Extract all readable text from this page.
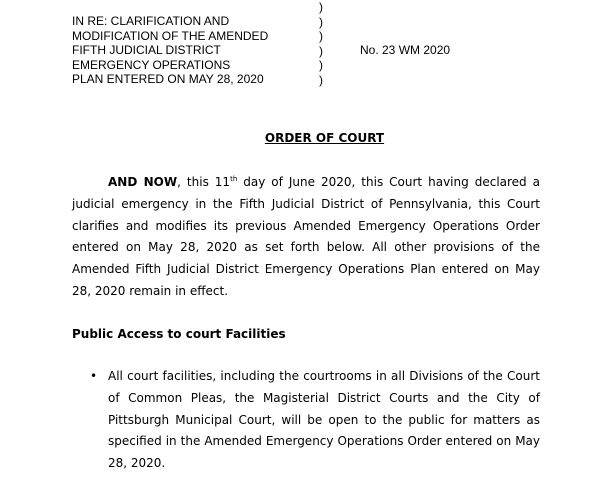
IN RE: CLARIFICATION AND
MODIFICATION OF THE AMENDED
FIFTH JUDICIAL DISTRICT
EMERGENCY OPERATIONS
PLAN ENTERED ON MAY 28, 2020
)
)
)
)
)
)
No. 23 WM 2020
ORDER OF COURT
AND NOW, this 11th day of June 2020, this Court having declared a judicial emergency in the Fifth Judicial District of Pennsylvania, this Court clarifies and modifies its previous Amended Emergency Operations Order entered on May 28, 2020 as set forth below. All other provisions of the Amended Fifth Judicial District Emergency Operations Plan entered on May 28, 2020 remain in effect.
Public Access to court Facilities
• All court facilities, including the courtrooms in all Divisions of the Court of Common Pleas, the Magisterial District Courts and the City of Pittsburgh Municipal Court, will be open to the public for matters as specified in the Amended Emergency Operations Order entered on May 28, 2020.
